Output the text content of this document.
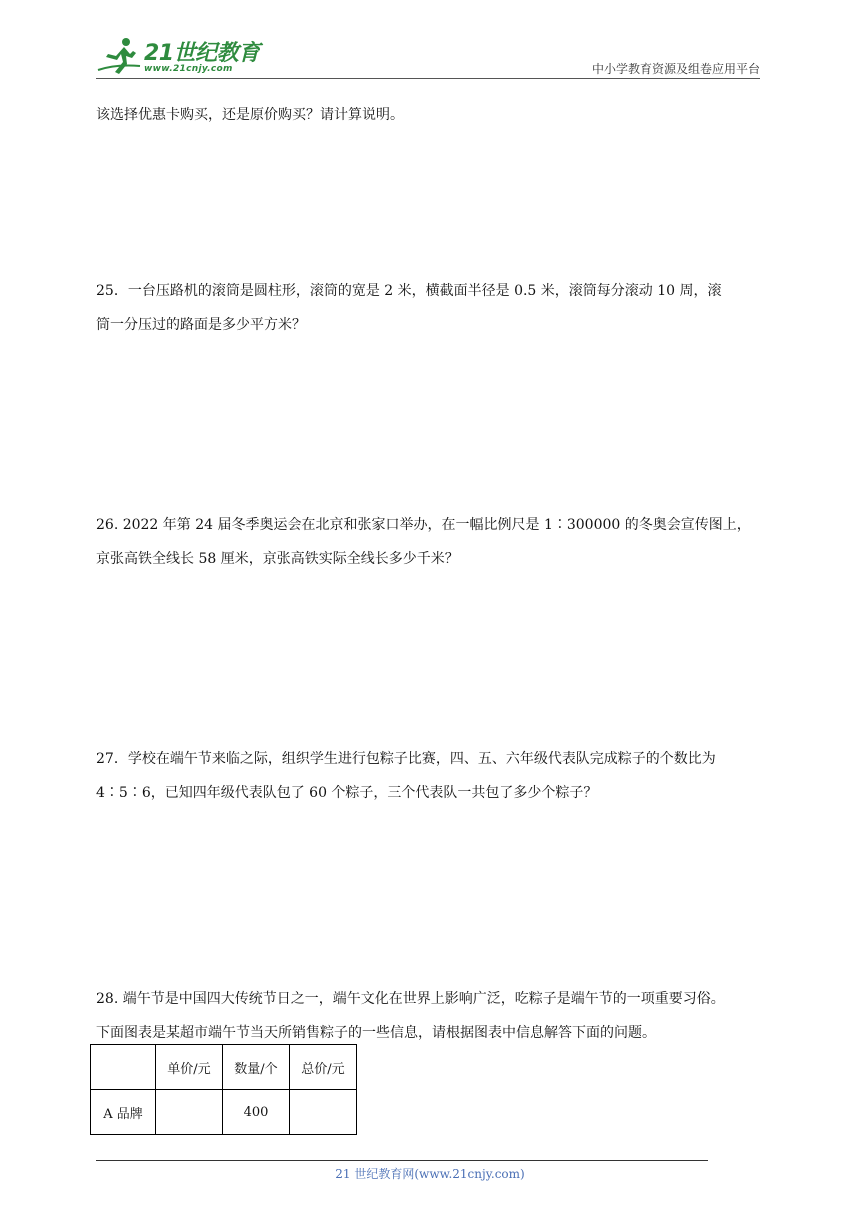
21世纪教育
www.21cnjy.com	中小学教育资源及组卷应用平台

该选择优惠卡购买，还是原价购买？请计算说明。

25．一台压路机的滚筒是圆柱形，滚筒的宽是 2 米，横截面半径是 0.5 米，滚筒每分滚动 10 周，滚

筒一分压过的路面是多少平方米？

26. 2022 年第 24 届冬季奥运会在北京和张家口举办，在一幅比例尺是 1∶300000 的冬奥会宣传图上，

京张高铁全线长 58 厘米，京张高铁实际全线长多少千米？

27．学校在端午节来临之际，组织学生进行包粽子比赛，四、五、六年级代表队完成粽子的个数比为

4∶5∶6，已知四年级代表队包了 60 个粽子，三个代表队一共包了多少个粽子？

28. 端午节是中国四大传统节日之一，端午文化在世界上影响广泛，吃粽子是端午节的一项重要习俗。

下面图表是某超市端午节当天所销售粽子的一些信息，请根据图表中信息解答下面的问题。

	单价/元	数量/个	总价/元
A 品牌		400	
21 世纪教育网(www.21cnjy.com)
